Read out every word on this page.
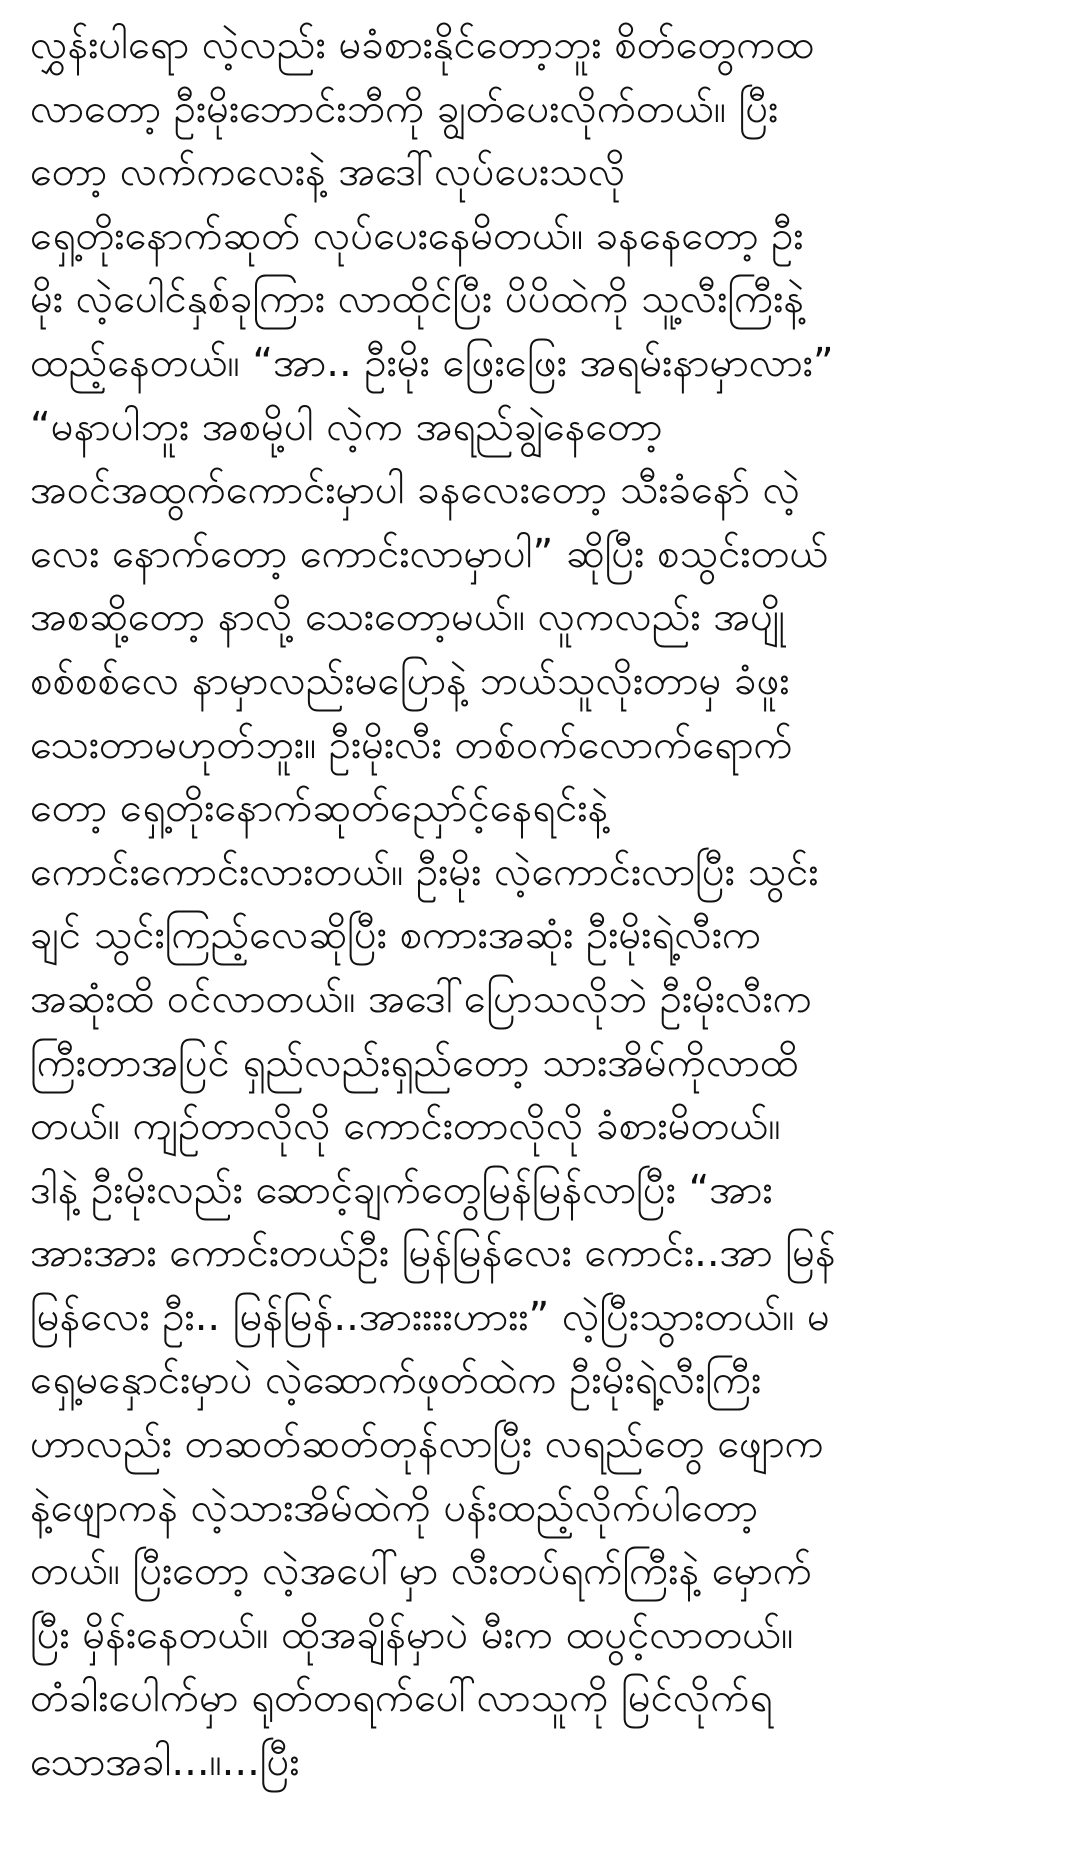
လွှန်းပါရော လဲ့လည်း မခံစားနိုင်တော့ဘူး စိတ်တွေကထ
လာတော့ ဦးမိုးဘောင်းဘီကို ချွတ်ပေးလိုက်တယ်။ ပြီး
တော့ လက်ကလေးနဲ့ အဒေါ်လုပ်ပေးသလို
ရှေ့တိုးနောက်ဆုတ် လုပ်ပေးနေမိတယ်။ ခနနေတော့ ဦး
မိုး လဲ့ပေါင်နှစ်ခုကြား လာထိုင်ပြီး ပိပိထဲကို သူ့လီးကြီးနဲ့
ထည့်နေတယ်။ “အာ.. ဦးမိုး ဖြေးဖြေး အရမ်းနာမှာလား”
“မနာပါဘူး အစမို့ပါ လဲ့က အရည်ချွဲနေတော့
အဝင်အထွက်ကောင်းမှာပါ ခနလေးတော့ သီးခံနော် လဲ့
လေး နောက်တော့ ကောင်းလာမှာပါ” ဆိုပြီး စသွင်းတယ်
အစဆို့တော့ နာလို့ သေးတော့မယ်။ လူကလည်း အပျို
စစ်စစ်လေ နာမှာလည်းမပြောနဲ့ ဘယ်သူလိုးတာမှ ခံဖူး
သေးတာမဟုတ်ဘူး။ ဦးမိုးလီး တစ်ဝက်လောက်ရောက်
တော့ ရှေ့တိုးနောက်ဆုတ်ညှော်င့်နေရင်းနဲ့
ကောင်းကောင်းလားတယ်။ ဦးမိုး လဲ့ကောင်းလာပြီး သွင်း
ချင် သွင်းကြည့်လေဆိုပြီး စကားအဆုံး ဦးမိုးရဲ့လီးက
အဆုံးထိ ဝင်လာတယ်။ အဒေါ်ပြောသလိုဘဲ ဦးမိုးလီးက
ကြီးတာအပြင် ရှည်လည်းရှည်တော့ သားအိမ်ကိုလာထိ
တယ်။ ကျဉ်တာလိုလို ကောင်းတာလိုလို ခံစားမိတယ်။
ဒါနဲ့ ဦးမိုးလည်း ဆောင့်ချက်တွေမြန်မြန်လာပြီး “အား
အားအား ကောင်းတယ်ဦး မြန်မြန်လေး ကောင်း..အာ မြန်
မြန်လေး ဦး.. မြန်မြန်..အားးးးဟားး” လဲ့ပြီးသွားတယ်။ မ
ရှေ့မနှောင်းမှာပဲ လဲ့ဆောက်ဖုတ်ထဲက ဦးမိုးရဲ့လီးကြီး
ဟာလည်း တဆတ်ဆတ်တုန်လာပြီး လရည်တွေ ဖျောက
နဲ့ဖျောကနဲ လဲ့သားအိမ်ထဲကို ပန်းထည့်လိုက်ပါတော့
တယ်။ ပြီးတော့ လဲ့အပေါ်မှာ လီးတပ်ရက်ကြီးနဲ့ မှောက်
ပြီး မှိန်းနေတယ်။ ထိုအချိန်မှာပဲ မီးက ထပွင့်လာတယ်။
တံခါးပေါက်မှာ ရုတ်တရက်ပေါ်လာသူကို မြင်လိုက်ရ
သောအခါ...။...ပြီး
